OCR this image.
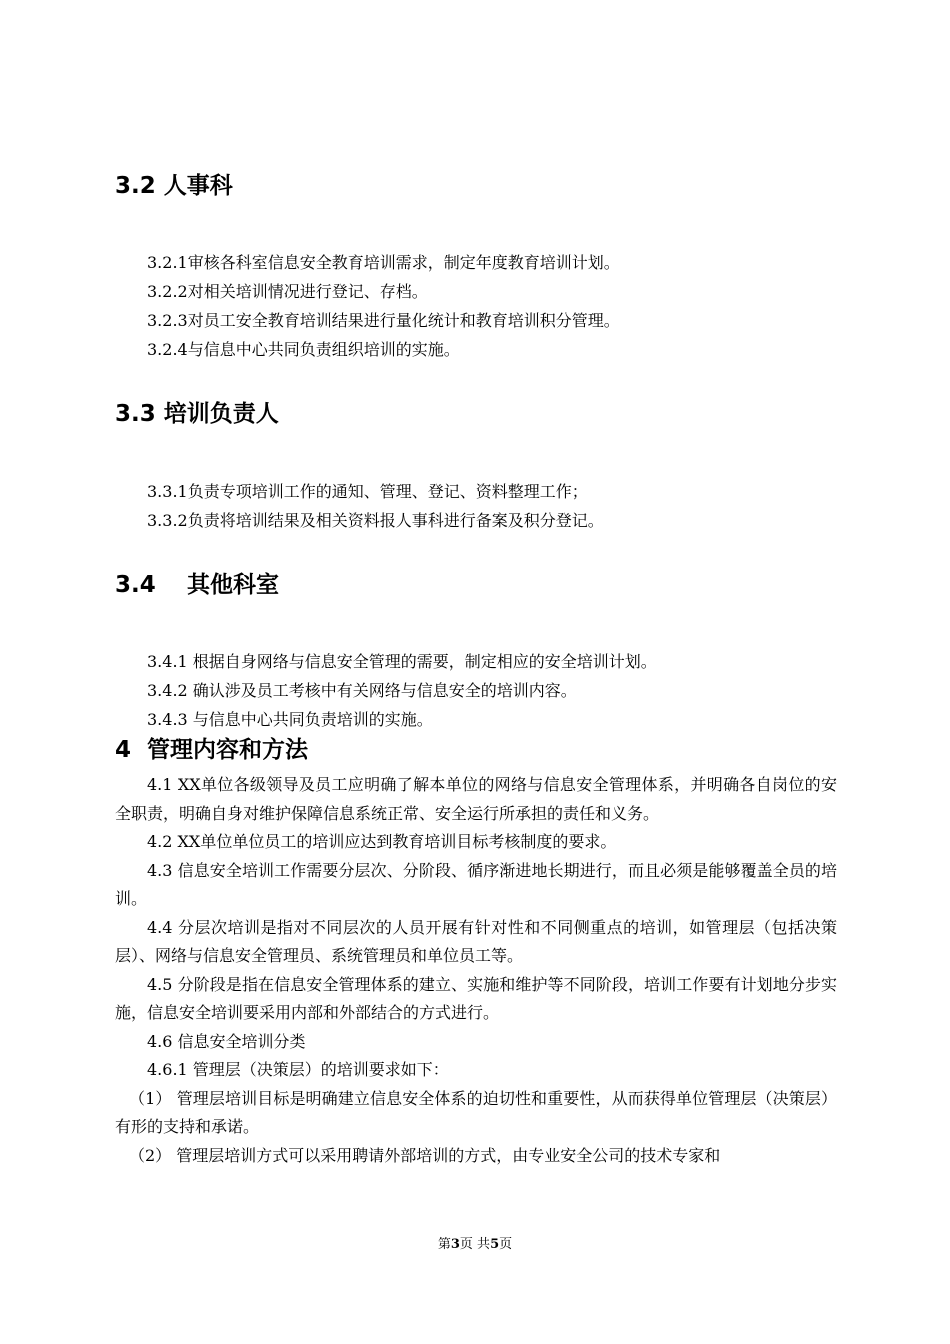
3.2 人事科

3.2.1审核各科室信息安全教育培训需求，制定年度教育培训计划。

3.2.2对相关培训情况进行登记、存档。

3.2.3对员工安全教育培训结果进行量化统计和教育培训积分管理。

3.2.4与信息中心共同负责组织培训的实施。

3.3 培训负责人

3.3.1负责专项培训工作的通知、管理、登记、资料整理工作；

3.3.2负责将培训结果及相关资料报人事科进行备案及积分登记。

3.4 其他科室

3.4.1 根据自身网络与信息安全管理的需要，制定相应的安全培训计划。

3.4.2 确认涉及员工考核中有关网络与信息安全的培训内容。

3.4.3 与信息中心共同负责培训的实施。

4 管理内容和方法

4.1 XX单位各级领导及员工应明确了解本单位的网络与信息安全管理体系，并明确各自岗位的安全职责，明确自身对维护保障信息系统正常、安全运行所承担的责任和义务。

4.2 XX单位单位员工的培训应达到教育培训目标考核制度的要求。

4.3 信息安全培训工作需要分层次、分阶段、循序渐进地长期进行，而且必须是能够覆盖全员的培训。

4.4 分层次培训是指对不同层次的人员开展有针对性和不同侧重点的培训，如管理层（包括决策层）、网络与信息安全管理员、系统管理员和单位员工等。

4.5 分阶段是指在信息安全管理体系的建立、实施和维护等不同阶段，培训工作要有计划地分步实施，信息安全培训要采用内部和外部结合的方式进行。

4.6 信息安全培训分类

4.6.1 管理层（决策层）的培训要求如下：

（1） 管理层培训目标是明确建立信息安全体系的迫切性和重要性，从而获得单位管理层（决策层）有形的支持和承诺。

（2） 管理层培训方式可以采用聘请外部培训的方式，由专业安全公司的技术专家和

第3页 共5页
